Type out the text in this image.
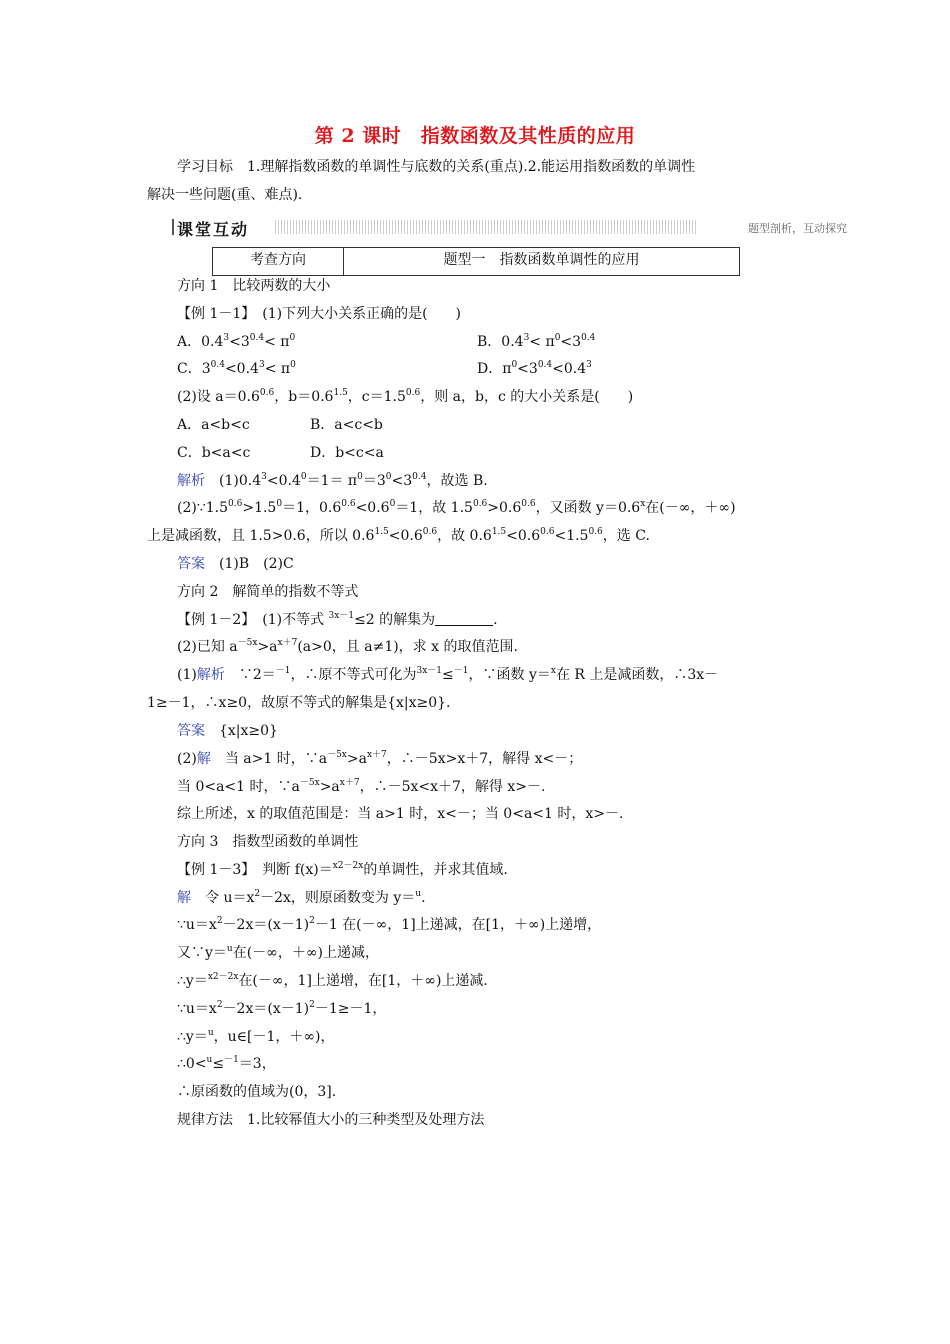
第 2 课时　指数函数及其性质的应用
学习目标　1.理解指数函数的单调性与底数的关系(重点).2.能运用指数函数的单调性
解决一些问题(重、难点).
课堂互动	题型剖析，互动探究
考查方向	题型一　指数函数单调性的应用
方向 1　比较两数的大小
【例 1－1】　(1)下列大小关系正确的是(　　)
A．$0.4^3<3^{0.4}< \pi^0$	B．$0.4^3< \pi^0<3^{0.4}$
C．$3^{0.4}<0.4^3< \pi^0$	D．$\pi^0<3^{0.4}<0.4^3$
(2)设 $a=0.6^{0.6}$，$b=0.6^{1.5}$，$c=1.5^{0.6}$，则 a，b，c 的大小关系是(　　)
A．a<b<c	B．a<c<b
C．b<a<c	D．b<c<a
解析　$(1)0.4^3<0.4^0=1= \pi^0=3^0<3^{0.4}$，故选 B.
$(2)\because 1.5^{0.6}>1.5^0=1$，$0.6^{0.6}<0.6^0=1$，故 $1.5^{0.6}>0.6^{0.6}$，又函数 $y=0.6^x$在(－∞，＋∞)
上是减函数，且 1.5>0.6，所以 $0.6^{1.5}<0.6^{0.6}$，故 $0.6^{1.5}<0.6^{0.6}<1.5^{0.6}$，选 C.
答案　(1)B　(2)C
方向 2　解简单的指数不等式
【例 1－2】　(1)不等式 $^{3x-1}$≤2 的解集为	.
(2)已知 $a^{-5x}>a^{x+7}(a>0$，且 a≠1)，求 x 的取值范围.
(1)解析　∵2＝$^{-1}$，∴原不等式可化为$^{3x-1}$≤$^{-1}$，∵函数 y＝$^x$在 R 上是减函数，∴3x－
1≥－1，∴x≥0，故原不等式的解集是{x|x≥0}.
答案　{x|x≥0}
(2)解　当 a>1 时，$\because a^{-5x}>a^{x+7}$，∴－5x>x＋7，解得 x<－；
当 0<a<1 时，$\because a^{-5x}>a^{x+7}$，∴－5x<x＋7，解得 x>－.
综上所述，x 的取值范围是：当 a>1 时，x<－；当 0<a<1 时，x>－.
方向 3　指数型函数的单调性
【例 1－3】　判断 f(x)＝$^{x2-2x}$的单调性，并求其值域.
解　令 $u=x^2-2x$，则原函数变为 y＝$^u$.
$\because u=x^2-2x=(x-1)^2-1$ 在(－∞，1]上递减，在[1，＋∞)上递增，
又∵y＝$^u$在(－∞，＋∞)上递减，
∴y＝$^{x2-2x}$在(－∞，1]上递增，在[1，＋∞)上递减.
$\because u=x^2-2x=(x-1)^2-1\ge-1$，
∴y＝$^u$，u∈[－1，＋∞)，
∴0<$^u$≤$^{-1}$＝3，
∴原函数的值域为(0，3].
规律方法　1.比较幂值大小的三种类型及处理方法
